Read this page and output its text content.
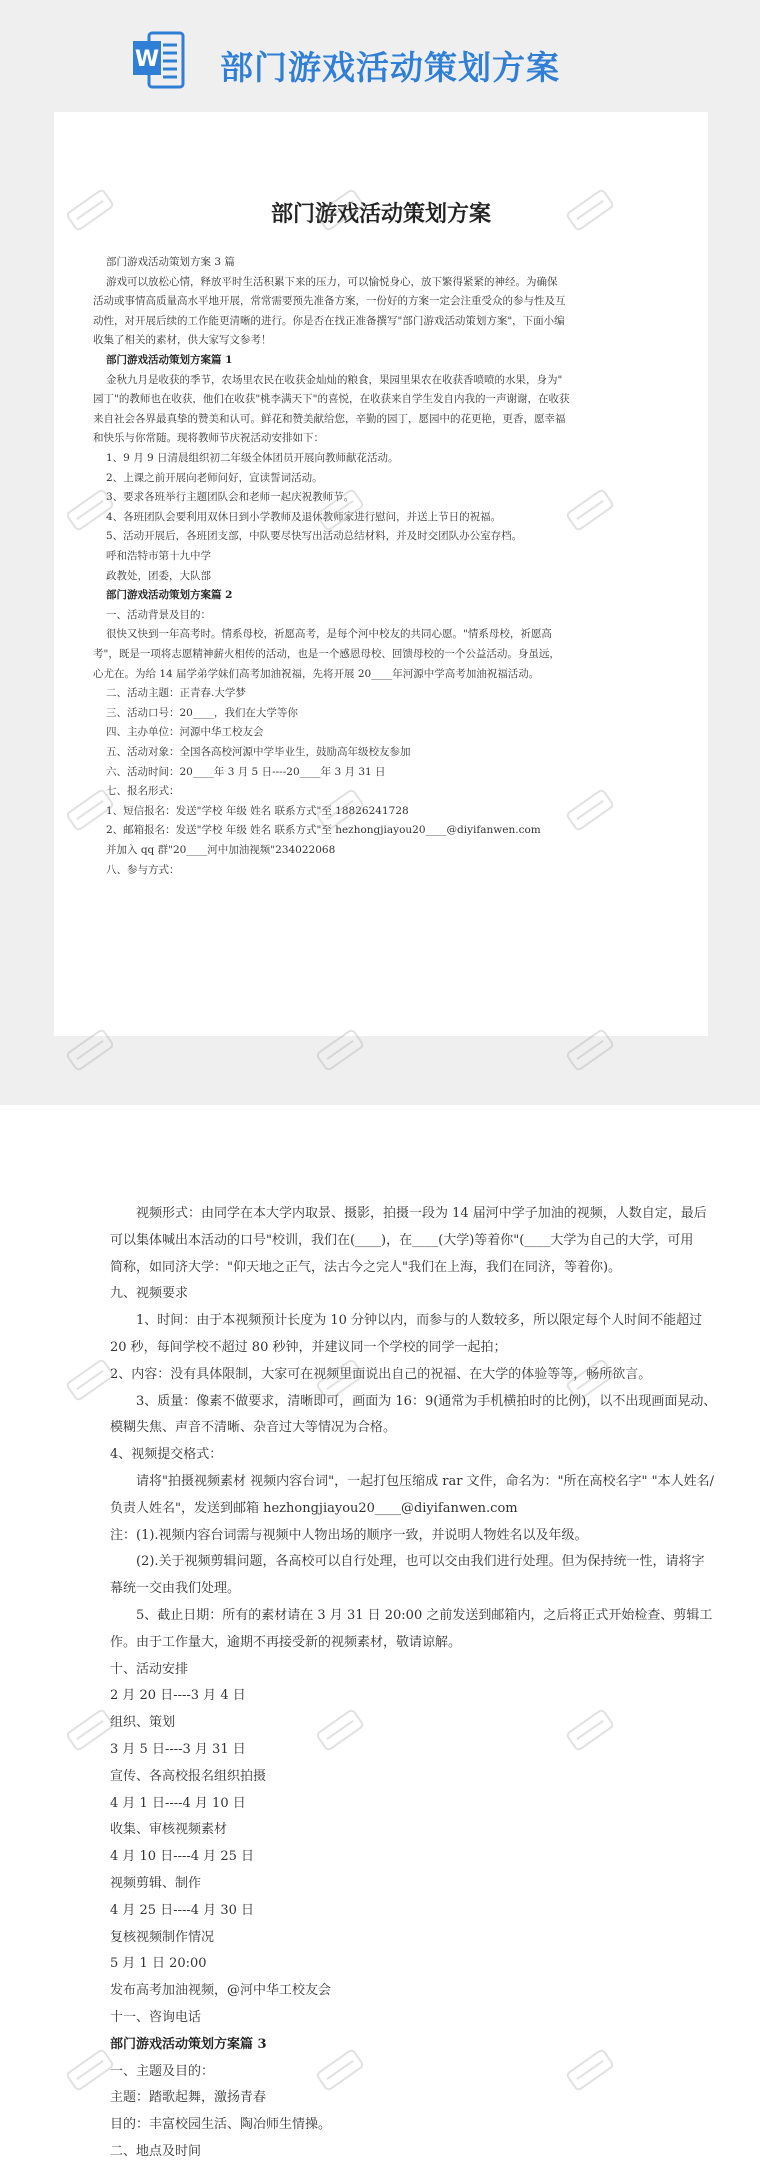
W 部门游戏活动策划方案
部门游戏活动策划方案
部门游戏活动策划方案 3 篇
游戏可以放松心情，释放平时生活积累下来的压力，可以愉悦身心，放下繁得紧紧的神经。为确保
活动或事情高质量高水平地开展，常常需要预先准备方案，一份好的方案一定会注重受众的参与性及互
动性，对开展后续的工作能更清晰的进行。你是否在找正准备撰写"部门游戏活动策划方案"，下面小编
收集了相关的素材，供大家写文参考！
部门游戏活动策划方案篇 1
金秋九月是收获的季节，农场里农民在收获金灿灿的粮食，果园里果农在收获香喷喷的水果，身为"
园丁"的教师也在收获，他们在收获"桃李满天下"的喜悦，在收获来自学生发自内我的一声谢谢，在收获
来自社会各界最真挚的赞美和认可。鲜花和赞美献给您，辛勤的园丁，愿园中的花更艳，更香，愿幸福
和快乐与你常随。现将教师节庆祝活动安排如下：
1、9 月 9 日清晨组织初二年级全体团员开展向教师献花活动。
2、上课之前开展向老师问好，宣读誓词活动。
3、要求各班举行主题团队会和老师一起庆祝教师节。
4、各班团队会要利用双休日到小学教师及退休教师家进行慰问，并送上节日的祝福。
5、活动开展后，各班团支部，中队要尽快写出活动总结材料，并及时交团队办公室存档。
呼和浩特市第十九中学
政教处，团委，大队部
部门游戏活动策划方案篇 2
一、活动背景及目的：
很快又快到一年高考时。情系母校，祈愿高考，是每个河中校友的共同心愿。"情系母校，祈愿高
考"，既是一项将志愿精神薪火相传的活动，也是一个感恩母校、回馈母校的一个公益活动。身虽远，
心尤在。为给 14 届学弟学妹们高考加油祝福，先将开展 20____年河源中学高考加油祝福活动。
二、活动主题：正青春.大学梦
三、活动口号：20____，我们在大学等你
四、主办单位：河源中华工校友会
五、活动对象：全国各高校河源中学毕业生，鼓励高年级校友参加
六、活动时间：20____年 3 月 5 日----20____年 3 月 31 日
七、报名形式：
1、短信报名：发送"学校 年级 姓名 联系方式"至 18826241728
2、邮箱报名：发送"学校 年级 姓名 联系方式"至 hezhongjiayou20____@diyifanwen.com
并加入 qq 群"20____河中加油视频"234022068
八、参与方式：
视频形式：由同学在本大学内取景、摄影，拍摄一段为 14 届河中学子加油的视频，人数自定，最后
可以集体喊出本活动的口号"校训，我们在(____)，在____(大学)等着你"(____大学为自己的大学，可用
简称，如同济大学："仰天地之正气，法古今之完人"我们在上海，我们在同济，等着你)。
九、视频要求
1、时间：由于本视频预计长度为 10 分钟以内，而参与的人数较多，所以限定每个人时间不能超过
20 秒，每间学校不超过 80 秒钟，并建议同一个学校的同学一起拍；
2、内容：没有具体限制，大家可在视频里面说出自己的祝福、在大学的体验等等，畅所欲言。
3、质量：像素不做要求，清晰即可，画面为 16：9(通常为手机横拍时的比例)，以不出现画面晃动、
模糊失焦、声音不清晰、杂音过大等情况为合格。
4、视频提交格式：
请将"拍摄视频素材 视频内容台词"，一起打包压缩成 rar 文件，命名为："所在高校名字" "本人姓名/
负责人姓名"，发送到邮箱 hezhongjiayou20____@diyifanwen.com
注：(1).视频内容台词需与视频中人物出场的顺序一致，并说明人物姓名以及年级。
(2).关于视频剪辑问题，各高校可以自行处理，也可以交由我们进行处理。但为保持统一性，请将字
幕统一交由我们处理。
5、截止日期：所有的素材请在 3 月 31 日 20:00 之前发送到邮箱内，之后将正式开始检查、剪辑工
作。由于工作量大，逾期不再接受新的视频素材，敬请谅解。
十、活动安排
2 月 20 日----3 月 4 日
组织、策划
3 月 5 日----3 月 31 日
宣传、各高校报名组织拍摄
4 月 1 日----4 月 10 日
收集、审核视频素材
4 月 10 日----4 月 25 日
视频剪辑、制作
4 月 25 日----4 月 30 日
复核视频制作情况
5 月 1 日 20:00
发布高考加油视频，@河中华工校友会
十一、咨询电话
部门游戏活动策划方案篇 3
一、主题及目的：
主题：踏歌起舞，激扬青春
目的：丰富校园生活、陶冶师生情操。
二、地点及时间
